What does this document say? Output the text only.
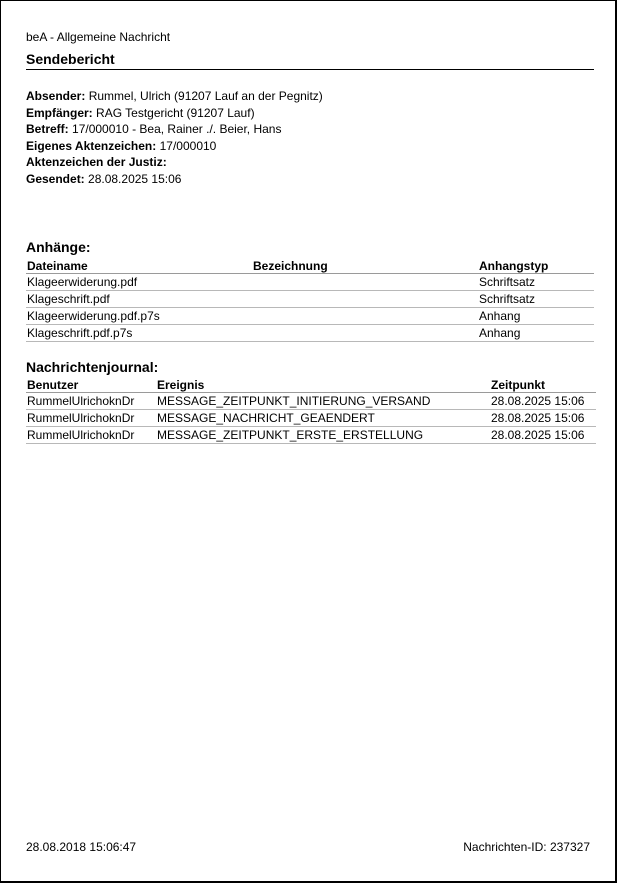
beA - Allgemeine Nachricht
Sendebericht
Absender: Rummel, Ulrich (91207 Lauf an der Pegnitz)
Empfänger: RAG Testgericht (91207 Lauf)
Betreff: 17/000010 - Bea, Rainer ./. Beier, Hans
Eigenes Aktenzeichen: 17/000010
Aktenzeichen der Justiz:
Gesendet: 28.08.2025 15:06
Anhänge:
Dateiname	Bezeichnung	Anhangstyp
Klageerwiderung.pdf		Schriftsatz
Klageschrift.pdf		Schriftsatz
Klageerwiderung.pdf.p7s		Anhang
Klageschrift.pdf.p7s		Anhang
Nachrichtenjournal:
Benutzer	Ereignis	Zeitpunkt
RummelUlrichoknDr	MESSAGE_ZEITPUNKT_INITIERUNG_VERSAND	28.08.2025 15:06
RummelUlrichoknDr	MESSAGE_NACHRICHT_GEAENDERT	28.08.2025 15:06
RummelUlrichoknDr	MESSAGE_ZEITPUNKT_ERSTE_ERSTELLUNG	28.08.2025 15:06
28.08.2018 15:06:47	Nachrichten-ID: 237327
